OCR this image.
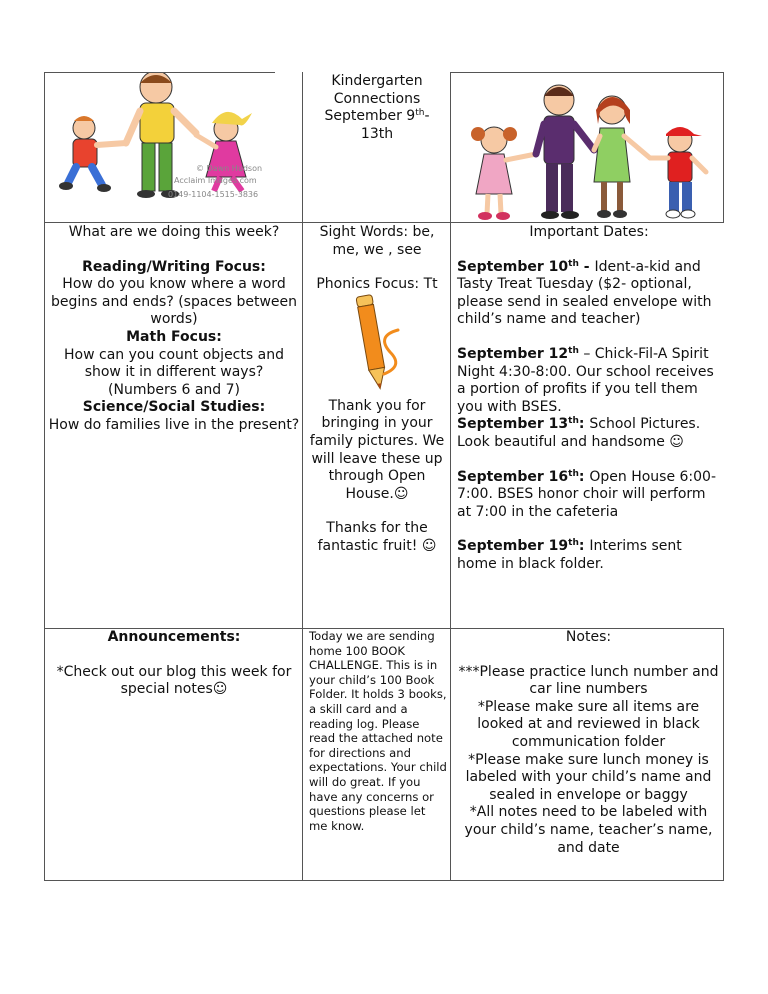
© Dawn Hudson
Acclaim Images.com
0149-1104-1515-3836

Kindergarten

Connections

September 9th-

13th

What are we doing this week?

Reading/Writing Focus:

How do you know where a word begins and ends? (spaces between words)

Math Focus:

How can you count objects and show it in different ways? (Numbers 6 and 7)

Science/Social Studies:

How do families live in the present?

Sight Words: be, me, we , see

Phonics Focus: Tt

Thank you for bringing in your family pictures. We will leave these up through Open House.☺

Thanks for the fantastic fruit! ☺

Important Dates:

September 10th - Ident-a-kid and Tasty Treat Tuesday ($2- optional, please send in sealed envelope with child’s name and teacher)

September 12th – Chick-Fil-A Spirit Night 4:30-8:00. Our school receives a portion of profits if you tell them you with BSES.

September 13th: School Pictures. Look beautiful and handsome ☺

September 16th: Open House 6:00-7:00. BSES honor choir will perform at 7:00 in the cafeteria

September 19th: Interims sent home in black folder.

Announcements:

*Check out our blog this week for special notes☺

Today we are sending home 100 BOOK CHALLENGE. This is in your child’s 100 Book Folder. It holds 3 books, a skill card and a reading log. Please read the attached note for directions and expectations. Your child will do great. If you have any concerns or questions please let me know.

Notes:

***Please practice lunch number and car line numbers

*Please make sure all items are looked at and reviewed in black communication folder

*Please make sure lunch money is labeled with your child’s name and sealed in envelope or baggy

*All notes need to be labeled with your child’s name, teacher’s name, and date
